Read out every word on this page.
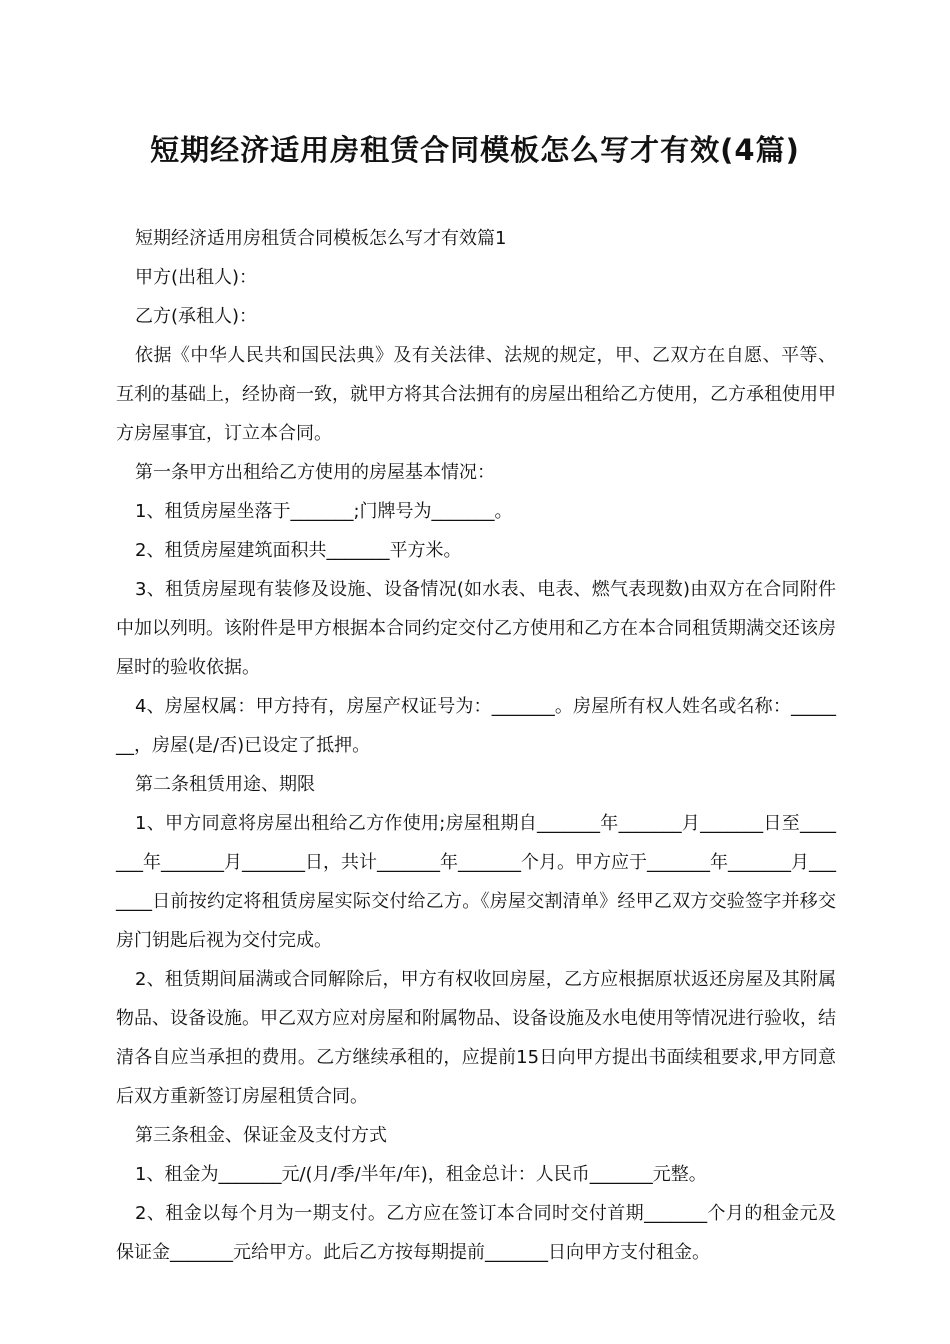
短期经济适用房租赁合同模板怎么写才有效(4篇)

短期经济适用房租赁合同模板怎么写才有效篇1

甲方(出租人)：

乙方(承租人)：

依据《中华人民共和国民法典》及有关法律、法规的规定，甲、乙双方在自愿、平等、互利的基础上，经协商一致，就甲方将其合法拥有的房屋出租给乙方使用，乙方承租使用甲方房屋事宜，订立本合同。

第一条甲方出租给乙方使用的房屋基本情况：

1、租赁房屋坐落于_______;门牌号为_______。

2、租赁房屋建筑面积共_______平方米。

3、租赁房屋现有装修及设施、设备情况(如水表、电表、燃气表现数)由双方在合同附件中加以列明。该附件是甲方根据本合同约定交付乙方使用和乙方在本合同租赁期满交还该房屋时的验收依据。

4、房屋权属：甲方持有，房屋产权证号为：_______。房屋所有权人姓名或名称：_______，房屋(是/否)已设定了抵押。

第二条租赁用途、期限

1、甲方同意将房屋出租给乙方作使用;房屋租期自_______年_______月_______日至_______年_______月_______日，共计_______年_______个月。甲方应于_______年_______月_______日前按约定将租赁房屋实际交付给乙方。《房屋交割清单》经甲乙双方交验签字并移交房门钥匙后视为交付完成。

2、租赁期间届满或合同解除后，甲方有权收回房屋，乙方应根据原状返还房屋及其附属物品、设备设施。甲乙双方应对房屋和附属物品、设备设施及水电使用等情况进行验收，结清各自应当承担的费用。乙方继续承租的，应提前15日向甲方提出书面续租要求,甲方同意后双方重新签订房屋租赁合同。

第三条租金、保证金及支付方式

1、租金为_______元/(月/季/半年/年)，租金总计：人民币_______元整。

2、租金以每个月为一期支付。乙方应在签订本合同时交付首期_______个月的租金元及保证金_______元给甲方。此后乙方按每期提前_______日向甲方支付租金。
